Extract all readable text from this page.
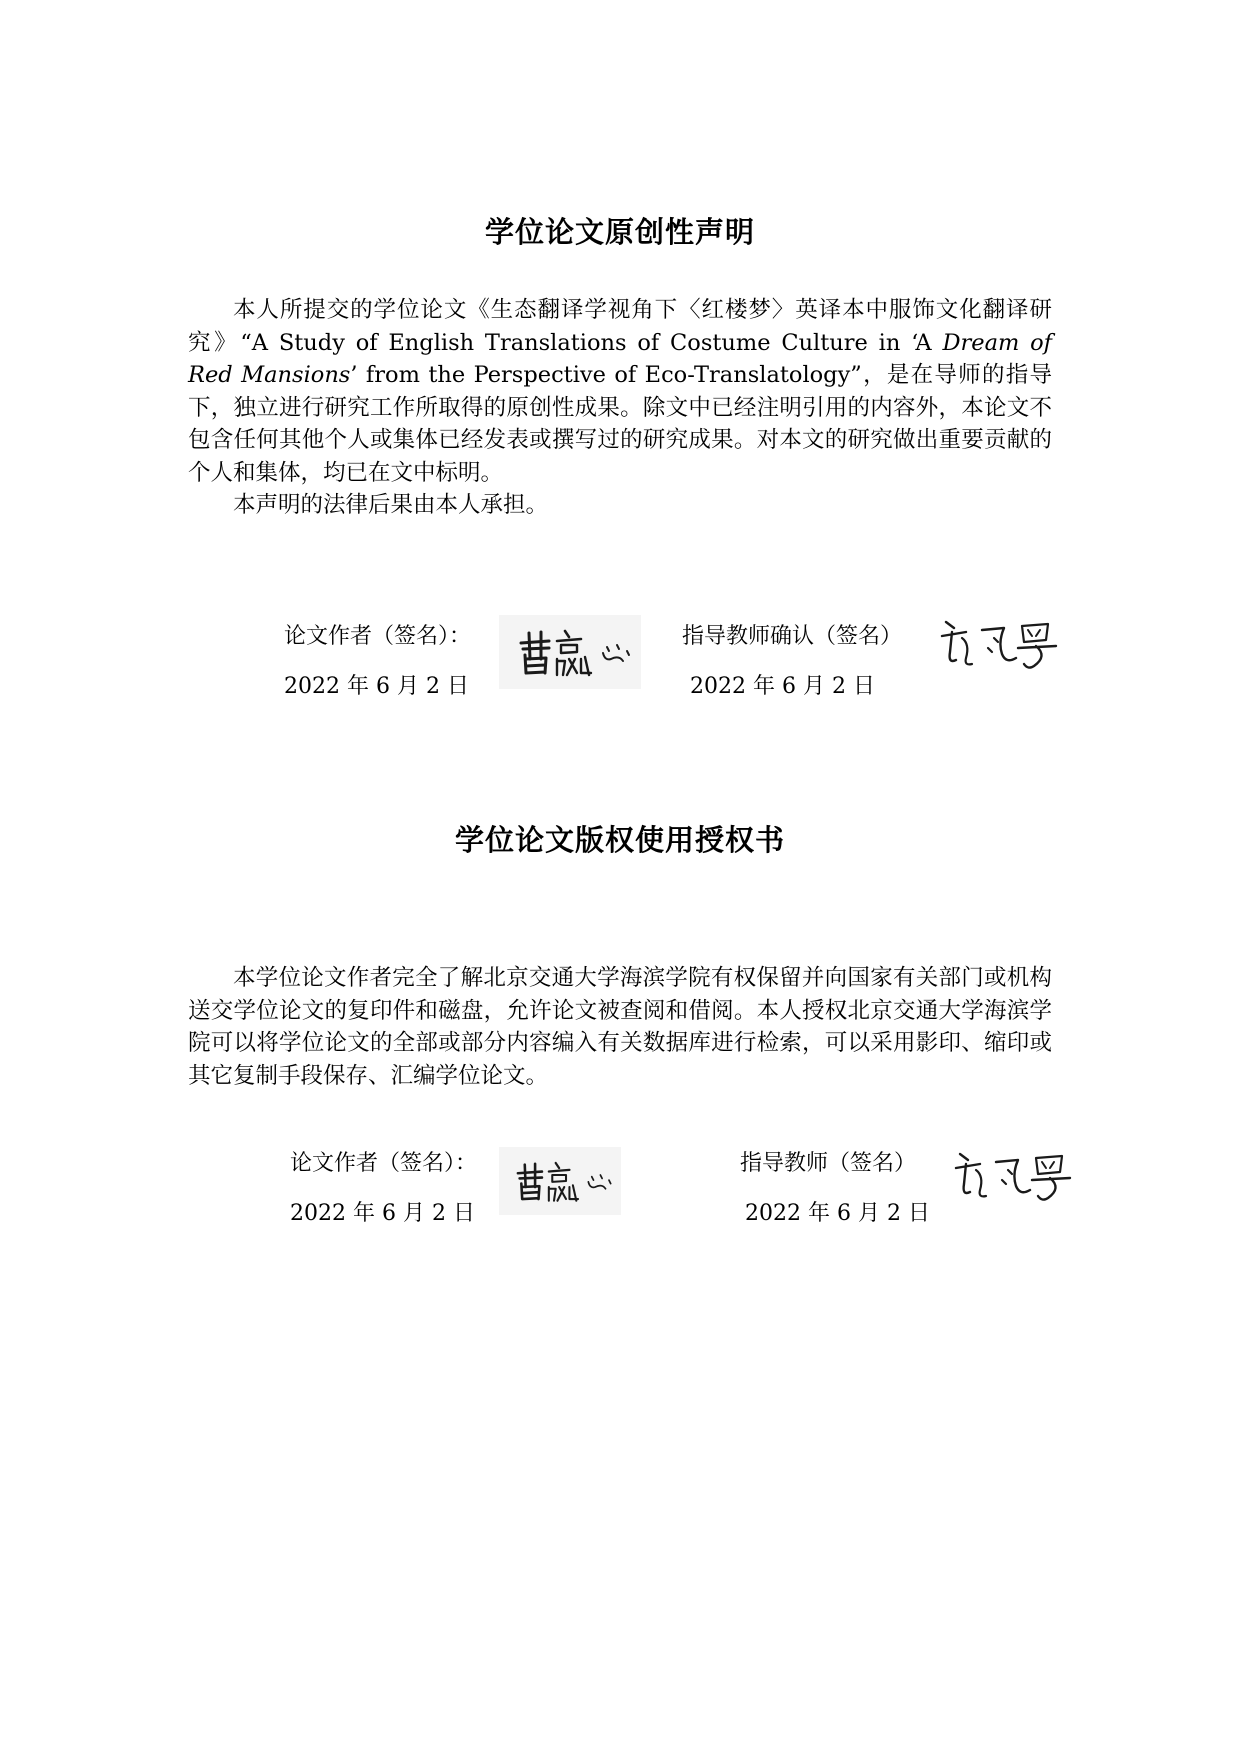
学位论文原创性声明

本人所提交的学位论文《生态翻译学视角下〈红楼梦〉英译本中服饰文化翻译研究》“A Study of English Translations of Costume Culture in ‘A Dream of Red Mansions’ from the Perspective of Eco-Translatology”，是在导师的指导下，独立进行研究工作所取得的原创性成果。除文中已经注明引用的内容外，本论文不包含任何其他个人或集体已经发表或撰写过的研究成果。对本文的研究做出重要贡献的个人和集体，均已在文中标明。

本声明的法律后果由本人承担。

论文作者（签名）：
2022 年 6 月 2 日
指导教师确认（签名）
2022 年 6 月 2 日
学位论文版权使用授权书

本学位论文作者完全了解北京交通大学海滨学院有权保留并向国家有关部门或机构送交学位论文的复印件和磁盘，允许论文被查阅和借阅。本人授权北京交通大学海滨学院可以将学位论文的全部或部分内容编入有关数据库进行检索，可以采用影印、缩印或其它复制手段保存、汇编学位论文。

论文作者（签名）：
2022 年 6 月 2 日
指导教师（签名）
2022 年 6 月 2 日
